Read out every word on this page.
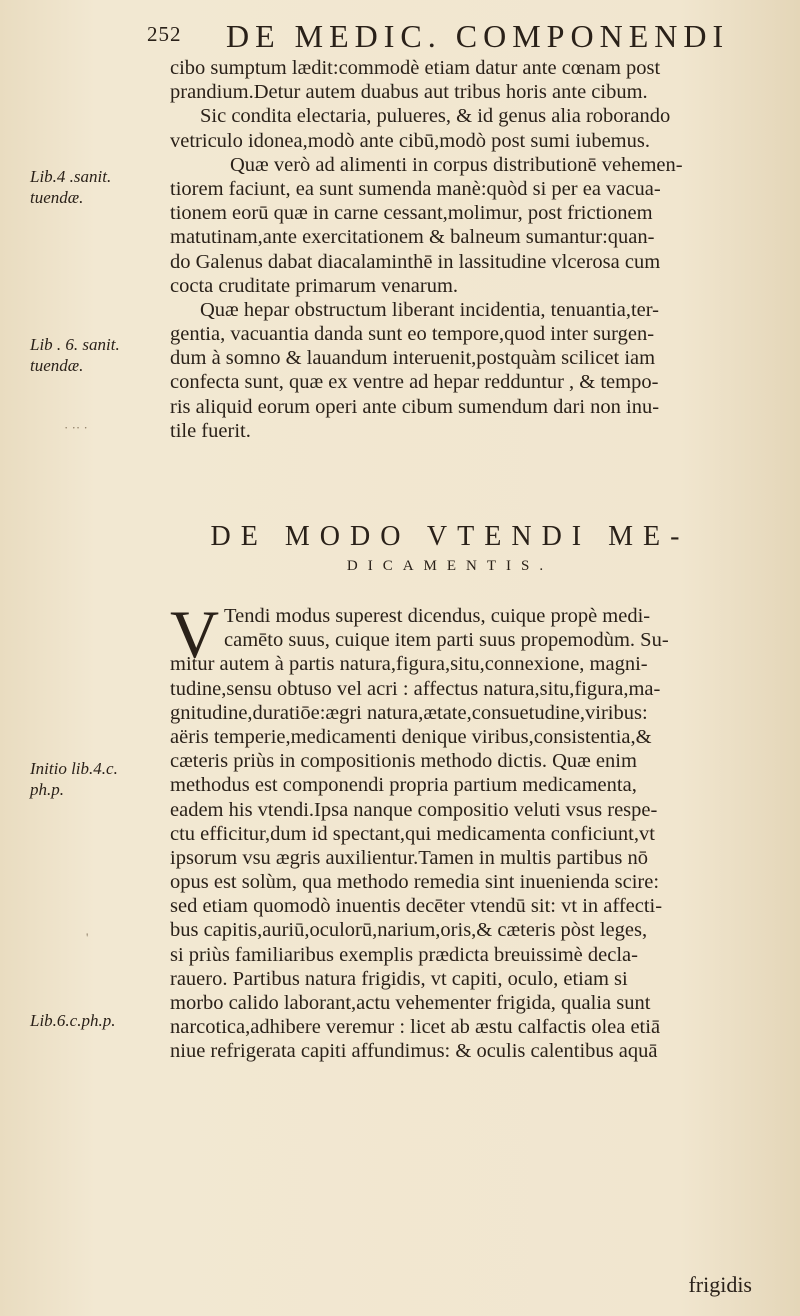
252 DE MEDIC. COMPONENDI
Lib.4 .sanit.
tuendæ.
Lib . 6. sanit.
tuendæ.
Initio lib.4.c.
ph.p.
Lib.6.c.ph.p.
· ·· ·
'
cibo sumptum lædit:commodè etiam datur ante cœnam post
prandium.Detur autem duabus aut tribus horis ante cibum.
Sic condita electaria, pulueres, & id genus alia roborando
vetriculo idonea,modò ante cibū,modò post sumi iubemus.
Quæ verò ad alimenti in corpus distributionē vehemen-
tiorem faciunt, ea sunt sumenda manè:quòd si per ea vacua-
tionem eorū quæ in carne cessant,molimur, post frictionem
matutinam,ante exercitationem & balneum sumantur:quan-
do Galenus dabat diacalaminthē in lassitudine vlcerosa cum
cocta cruditate primarum venarum.
Quæ hepar obstructum liberant incidentia, tenuantia,ter-
gentia, vacuantia danda sunt eo tempore,quod inter surgen-
dum à somno & lauandum interuenit,postquàm scilicet iam
confecta sunt, quæ ex ventre ad hepar redduntur , & tempo-
ris aliquid eorum operi ante cibum sumendum dari non inu-
tile fuerit.
DE MODO VTENDI ME-
DICAMENTIS.
V Tendi modus superest dicendus, cuique propè medi-
camēto suus, cuique item parti suus propemodùm. Su-
mitur autem à partis natura,figura,situ,connexione, magni-
tudine,sensu obtuso vel acri : affectus natura,situ,figura,ma-
gnitudine,duratiōe:ægri natura,ætate,consuetudine,viribus:
aëris temperie,medicamenti denique viribus,consistentia,&
cæteris priùs in compositionis methodo dictis. Quæ enim
methodus est componendi propria partium medicamenta,
eadem his vtendi.Ipsa nanque compositio veluti vsus respe-
ctu efficitur,dum id spectant,qui medicamenta conficiunt,vt
ipsorum vsu ægris auxilientur.Tamen in multis partibus nō
opus est solùm, qua methodo remedia sint inuenienda scire:
sed etiam quomodò inuentis decēter vtendū sit: vt in affecti-
bus capitis,auriū,oculorū,narium,oris,& cæteris pòst leges,
si priùs familiaribus exemplis prædicta breuissimè decla-
rauero. Partibus natura frigidis, vt capiti, oculo, etiam si
morbo calido laborant,actu vehementer frigida, qualia sunt
narcotica,adhibere veremur : licet ab æstu calfactis olea etiā
niue refrigerata capiti affundimus: & oculis calentibus aquā
frigidis
